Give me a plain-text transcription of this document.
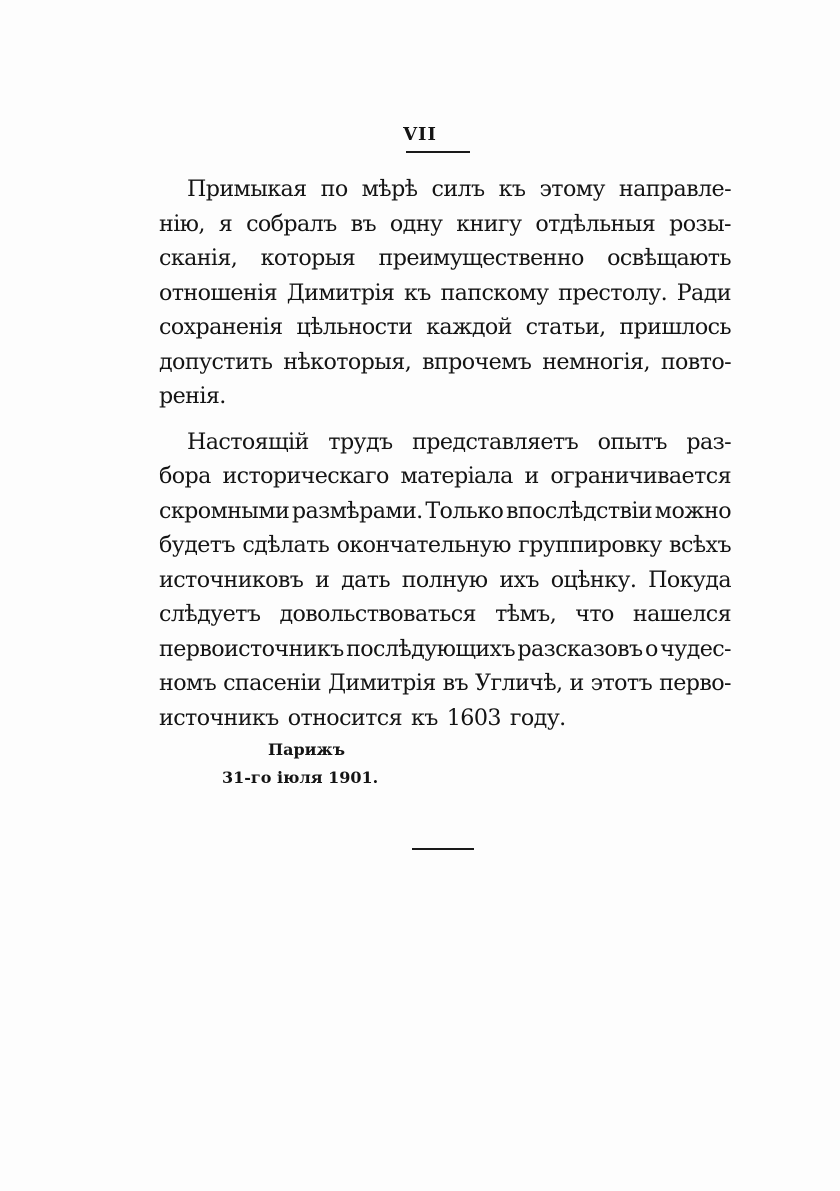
VII
Примыкая по мѣрѣ силъ къ этому направле-
нію, я собралъ въ одну книгу отдѣльныя розы-
сканія, которыя преимущественно освѣщають
отношенія Димитрія къ папскому престолу. Ради
сохраненія цѣльности каждой статьи, пришлось
допустить нѣкоторыя, впрочемъ немногія, повто-
ренія.
Настоящій трудъ представляетъ опытъ раз-
бора историческаго матеріала и ограничивается
скромными размѣрами. Только впослѣдствіи можно
будетъ сдѣлать окончательную группировку всѣхъ
источниковъ и дать полную ихъ оцѣнку. Покуда
слѣдуетъ довольствоваться тѣмъ, что нашелся
первоисточникъ послѣдующихъ разсказовъ о чудес-
номъ спасеніи Димитрія въ Угличѣ, и этотъ перво-
источникъ относится къ 1603 году.
Парижъ
31-го іюля 1901.
